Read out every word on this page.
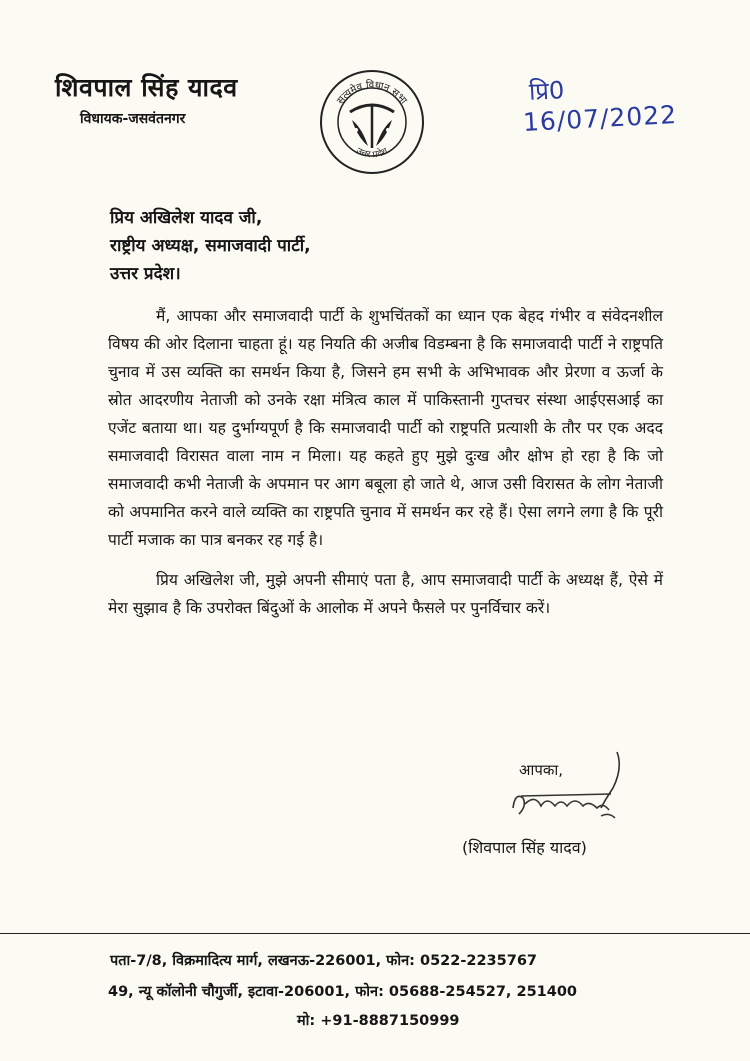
शिवपाल सिंह यादव
विधायक-जसवंतनगर
सत्यमेव विधान सभा
उत्तर प्रदेश
प्रि0
16/07/2022
प्रिय अखिलेश यादव जी,
राष्ट्रीय अध्यक्ष, समाजवादी पार्टी,
उत्तर प्रदेश।

मैं, आपका और समाजवादी पार्टी के शुभचिंतकों का ध्यान एक बेहद गंभीर व संवेदनशील विषय की ओर दिलाना चाहता हूं। यह नियति की अजीब विडम्बना है कि समाजवादी पार्टी ने राष्ट्रपति चुनाव में उस व्यक्ति का समर्थन किया है, जिसने हम सभी के अभिभावक और प्रेरणा व ऊर्जा के स्रोत आदरणीय नेताजी को उनके रक्षा मंत्रित्व काल में पाकिस्तानी गुप्तचर संस्था आईएसआई का एजेंट बताया था। यह दुर्भाग्यपूर्ण है कि समाजवादी पार्टी को राष्ट्रपति प्रत्याशी के तौर पर एक अदद समाजवादी विरासत वाला नाम न मिला। यह कहते हुए मुझे दुःख और क्षोभ हो रहा है कि जो समाजवादी कभी नेताजी के अपमान पर आग बबूला हो जाते थे, आज उसी विरासत के लोग नेताजी को अपमानित करने वाले व्यक्ति का राष्ट्रपति चुनाव में समर्थन कर रहे हैं। ऐसा लगने लगा है कि पूरी पार्टी मजाक का पात्र बनकर रह गई है।

प्रिय अखिलेश जी, मुझे अपनी सीमाएं पता है, आप समाजवादी पार्टी के अध्यक्ष हैं, ऐसे में मेरा सुझाव है कि उपरोक्त बिंदुओं के आलोक में अपने फैसले पर पुनर्विचार करें।

आपका,
(शिवपाल सिंह यादव)
पता-7/8, विक्रमादित्य मार्ग, लखनऊ-226001, फोन: 0522-2235767
49, न्यू कॉलोनी चौगुर्जी, इटावा-206001, फोन: 05688-254527, 251400
मो: +91-8887150999
